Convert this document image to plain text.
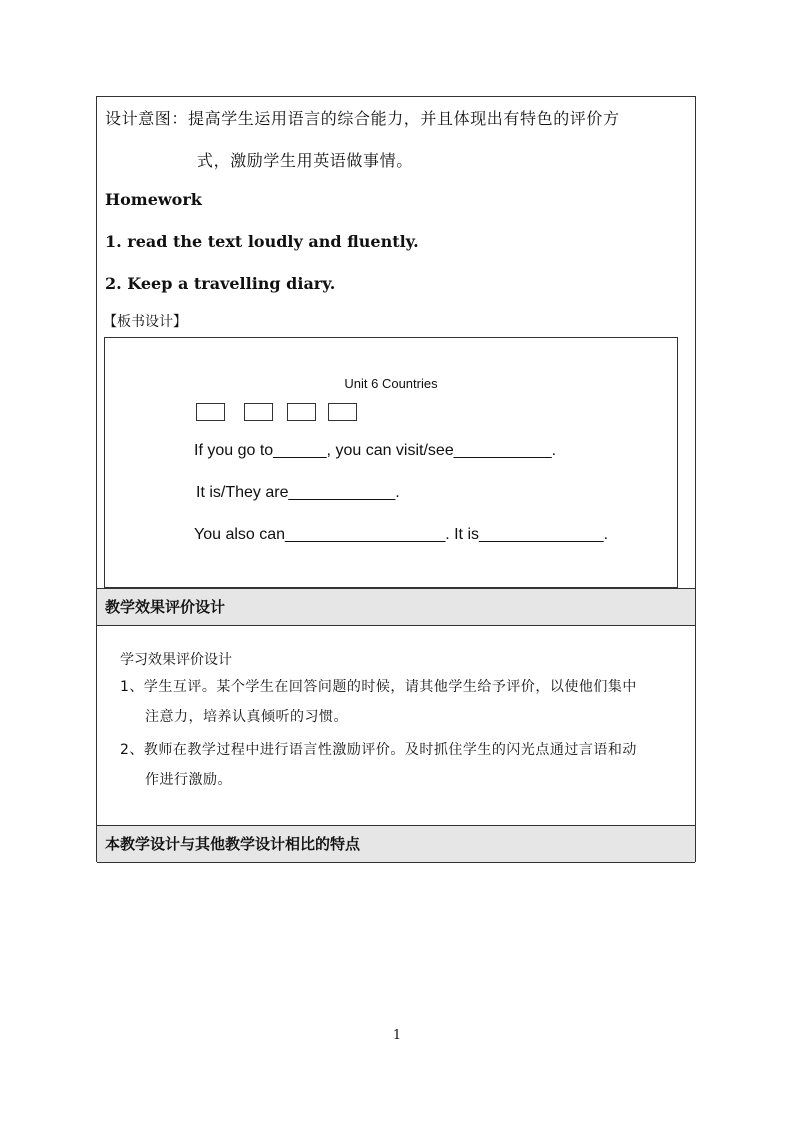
设计意图：提高学生运用语言的综合能力，并且体现出有特色的评价方
式，激励学生用英语做事情。
Homework
1. read the text loudly and fluently.
2. Keep a travelling diary.
【板书设计】
Unit 6 Countries
If you go to______, you can visit/see___________.
It is/They are____________.
You also can__________________. It is______________.
教学效果评价设计
学习效果评价设计
1、学生互评。某个学生在回答问题的时候，请其他学生给予评价，以使他们集中
注意力，培养认真倾听的习惯。
2、教师在教学过程中进行语言性激励评价。及时抓住学生的闪光点通过言语和动
作进行激励。
本教学设计与其他教学设计相比的特点
1
